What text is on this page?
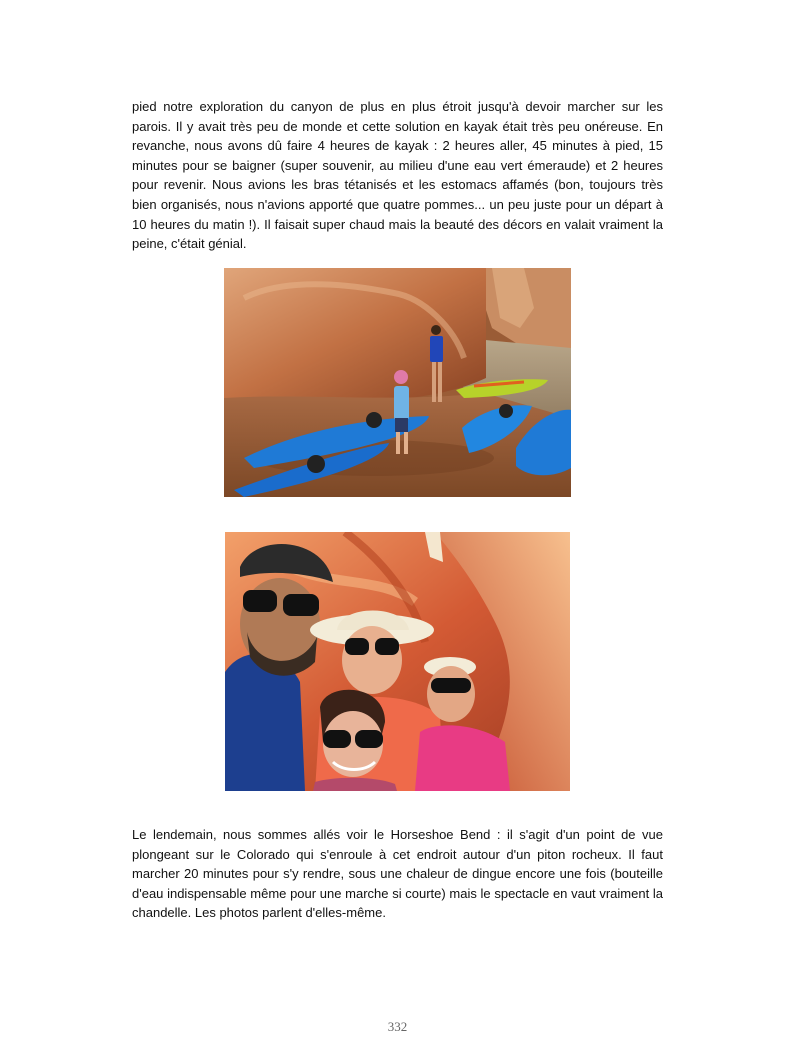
pied notre exploration du canyon de plus en plus étroit jusqu'à devoir marcher sur les parois. Il y avait très peu de monde et cette solution en kayak était très peu onéreuse. En revanche, nous avons dû faire 4 heures de kayak : 2 heures aller, 45 minutes à pied, 15 minutes pour se baigner (super souvenir, au milieu d'une eau vert émeraude) et 2 heures pour revenir. Nous avions les bras tétanisés et les estomacs affamés (bon, toujours très bien organisés, nous n'avions apporté que quatre pommes... un peu juste pour un départ à 10 heures du matin !). Il faisait super chaud mais la beauté des décors en valait vraiment la peine, c'était génial.

Le lendemain, nous sommes allés voir le Horseshoe Bend : il s'agit d'un point de vue plongeant sur le Colorado qui s'enroule à cet endroit autour d'un piton rocheux. Il faut marcher 20 minutes pour s'y rendre, sous une chaleur de dingue encore une fois (bouteille d'eau indispensable même pour une marche si courte) mais le spectacle en vaut vraiment la chandelle. Les photos parlent d'elles-même.

332
